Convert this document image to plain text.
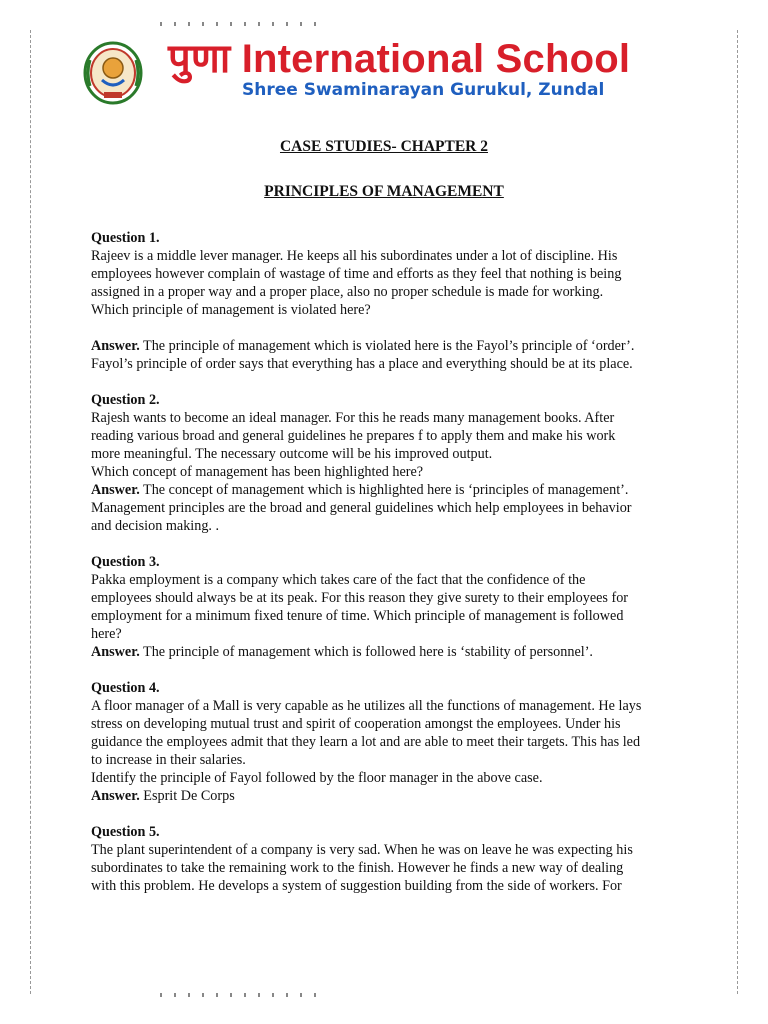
पुणा International School
Shree Swaminarayan Gurukul, Zundal
CASE STUDIES- CHAPTER 2
PRINCIPLES OF MANAGEMENT
Question 1.

Rajeev is a middle lever manager. He keeps all his subordinates under a lot of discipline. His

employees however complain of wastage of time and efforts as they feel that nothing is being

assigned in a proper way and a proper place, also no proper schedule is made for working.

Which principle of management is violated here?

Answer. The principle of management which is violated here is the Fayol’s principle of ‘order’.

Fayol’s principle of order says that everything has a place and everything should be at its place.

Question 2.

Rajesh wants to become an ideal manager. For this he reads many management books. After

reading various broad and general guidelines he prepares f to apply them and make his work

more meaningful. The necessary outcome will be his improved output.

Which concept of management has been highlighted here?

Answer. The concept of management which is highlighted here is ‘principles of management’.

Management principles are the broad and general guidelines which help employees in behavior

and decision making. .

Question 3.

Pakka employment is a company which takes care of the fact that the confidence of the

employees should always be at its peak. For this reason they give surety to their employees for

employment for a minimum fixed tenure of time. Which principle of management is followed

here?

Answer. The principle of management which is followed here is ‘stability of personnel’.

Question 4.

A floor manager of a Mall is very capable as he utilizes all the functions of management. He lays

stress on developing mutual trust and spirit of cooperation amongst the employees. Under his

guidance the employees admit that they learn a lot and are able to meet their targets. This has led

to increase in their salaries.

Identify the principle of Fayol followed by the floor manager in the above case.

Answer. Esprit De Corps

Question 5.

The plant superintendent of a company is very sad. When he was on leave he was expecting his

subordinates to take the remaining work to the finish. However he finds a new way of dealing

with this problem. He develops a system of suggestion building from the side of workers. For
